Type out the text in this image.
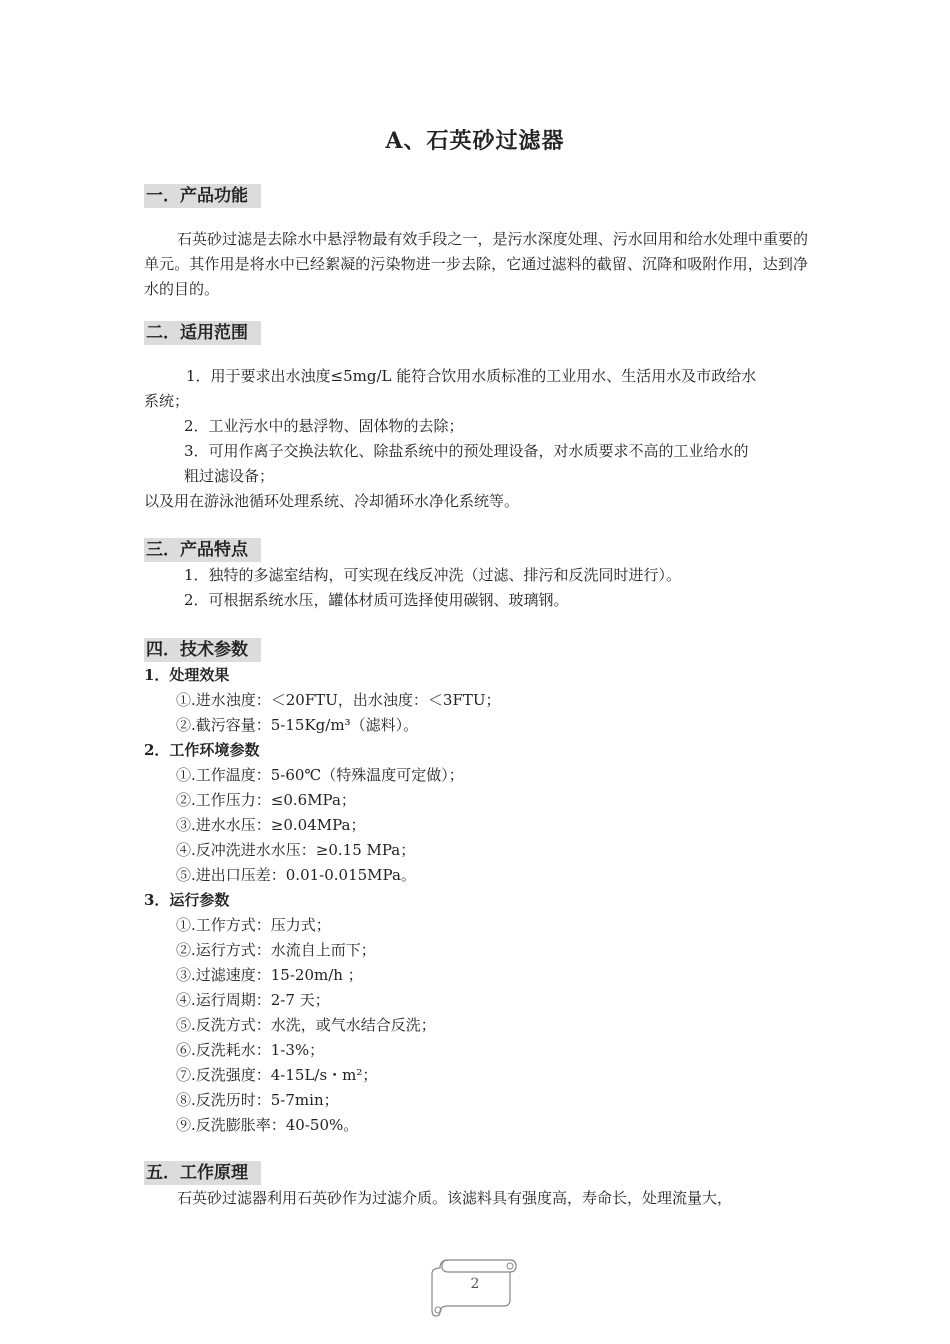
A、石英砂过滤器
一．产品功能
石英砂过滤是去除水中悬浮物最有效手段之一，是污水深度处理、污水回用和给水处理中重要的单元。其作用是将水中已经絮凝的污染物进一步去除，它通过滤料的截留、沉降和吸附作用，达到净水的目的。
二．适用范围
1．用于要求出水浊度≤5mg/L 能符合饮用水质标准的工业用水、生活用水及市政给水
系统；
2．工业污水中的悬浮物、固体物的去除；
3．可用作离子交换法软化、除盐系统中的预处理设备，对水质要求不高的工业给水的
粗过滤设备；
以及用在游泳池循环处理系统、冷却循环水净化系统等。
三．产品特点
1．独特的多滤室结构，可实现在线反冲洗（过滤、排污和反洗同时进行）。
2．可根据系统水压，罐体材质可选择使用碳钢、玻璃钢。
四．技术参数
1．处理效果
①.进水浊度：＜20FTU，出水浊度：＜3FTU；
②.截污容量：5-15Kg/m³（滤料）。
2．工作环境参数
①.工作温度：5-60℃（特殊温度可定做）；
②.工作压力：≤0.6MPa；
③.进水水压：≥0.04MPa；
④.反冲洗进水水压：≥0.15 MPa；
⑤.进出口压差：0.01-0.015MPa。
3．运行参数
①.工作方式：压力式；
②.运行方式：水流自上而下；
③.过滤速度：15-20m/h ；
④.运行周期：2-7 天；
⑤.反洗方式：水洗，或气水结合反洗；
⑥.反洗耗水：1-3%；
⑦.反洗强度：4-15L/s・m²；
⑧.反洗历时：5-7min；
⑨.反洗膨胀率：40-50%。
五．工作原理
石英砂过滤器利用石英砂作为过滤介质。该滤料具有强度高，寿命长，处理流量大，
2
